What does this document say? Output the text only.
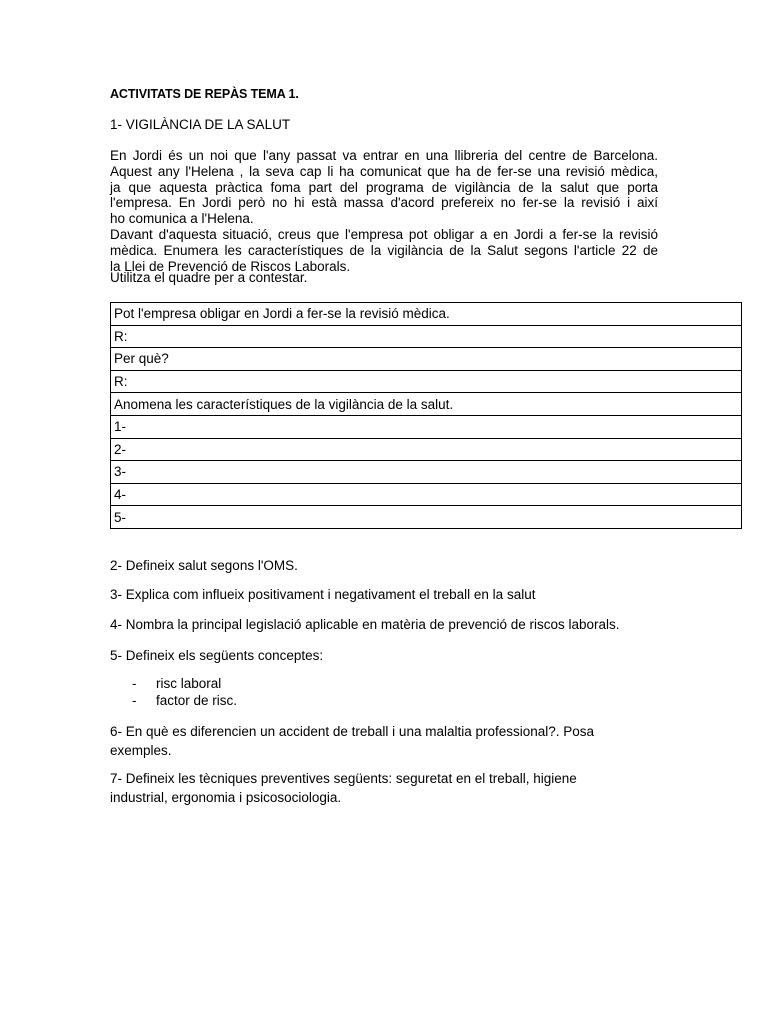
ACTIVITATS DE REPÀS TEMA 1.
1- VIGILÀNCIA DE LA SALUT
En Jordi és un noi que l'any passat va entrar en una llibreria del centre de Barcelona.
Aquest any l'Helena , la seva cap li ha comunicat que ha de fer-se una revisió mèdica,
ja que aquesta pràctica foma part del programa de vigilància de la salut que porta
l'empresa. En Jordi però no hi està massa d'acord prefereix no fer-se la revisió i així
ho comunica a l'Helena.
Davant d'aquesta situació, creus que l'empresa pot obligar a en Jordi a fer-se la revisió
mèdica. Enumera les característiques de la vigilància de la Salut segons l'article 22 de
la Llei de Prevenció de Riscos Laborals.
Utilitza el quadre per a contestar.
Pot l'empresa obligar en Jordi a fer-se la revisió mèdica.
R:
Per què?
R:
Anomena les característiques de la vigilància de la salut.
1-
2-
3-
4-
5-
2- Defineix salut segons l'OMS.
3- Explica com influeix positivament i negativament el treball en la salut
4- Nombra la principal legislació aplicable en matèria de prevenció de riscos laborals.
5- Defineix els següents conceptes:
- risc laboral
- factor de risc.
6- En què es diferencien un accident de treball i una malaltia professional?. Posa
exemples.
7- Defineix les tècniques preventives següents: seguretat en el treball, higiene
industrial, ergonomia i psicosociologia.
